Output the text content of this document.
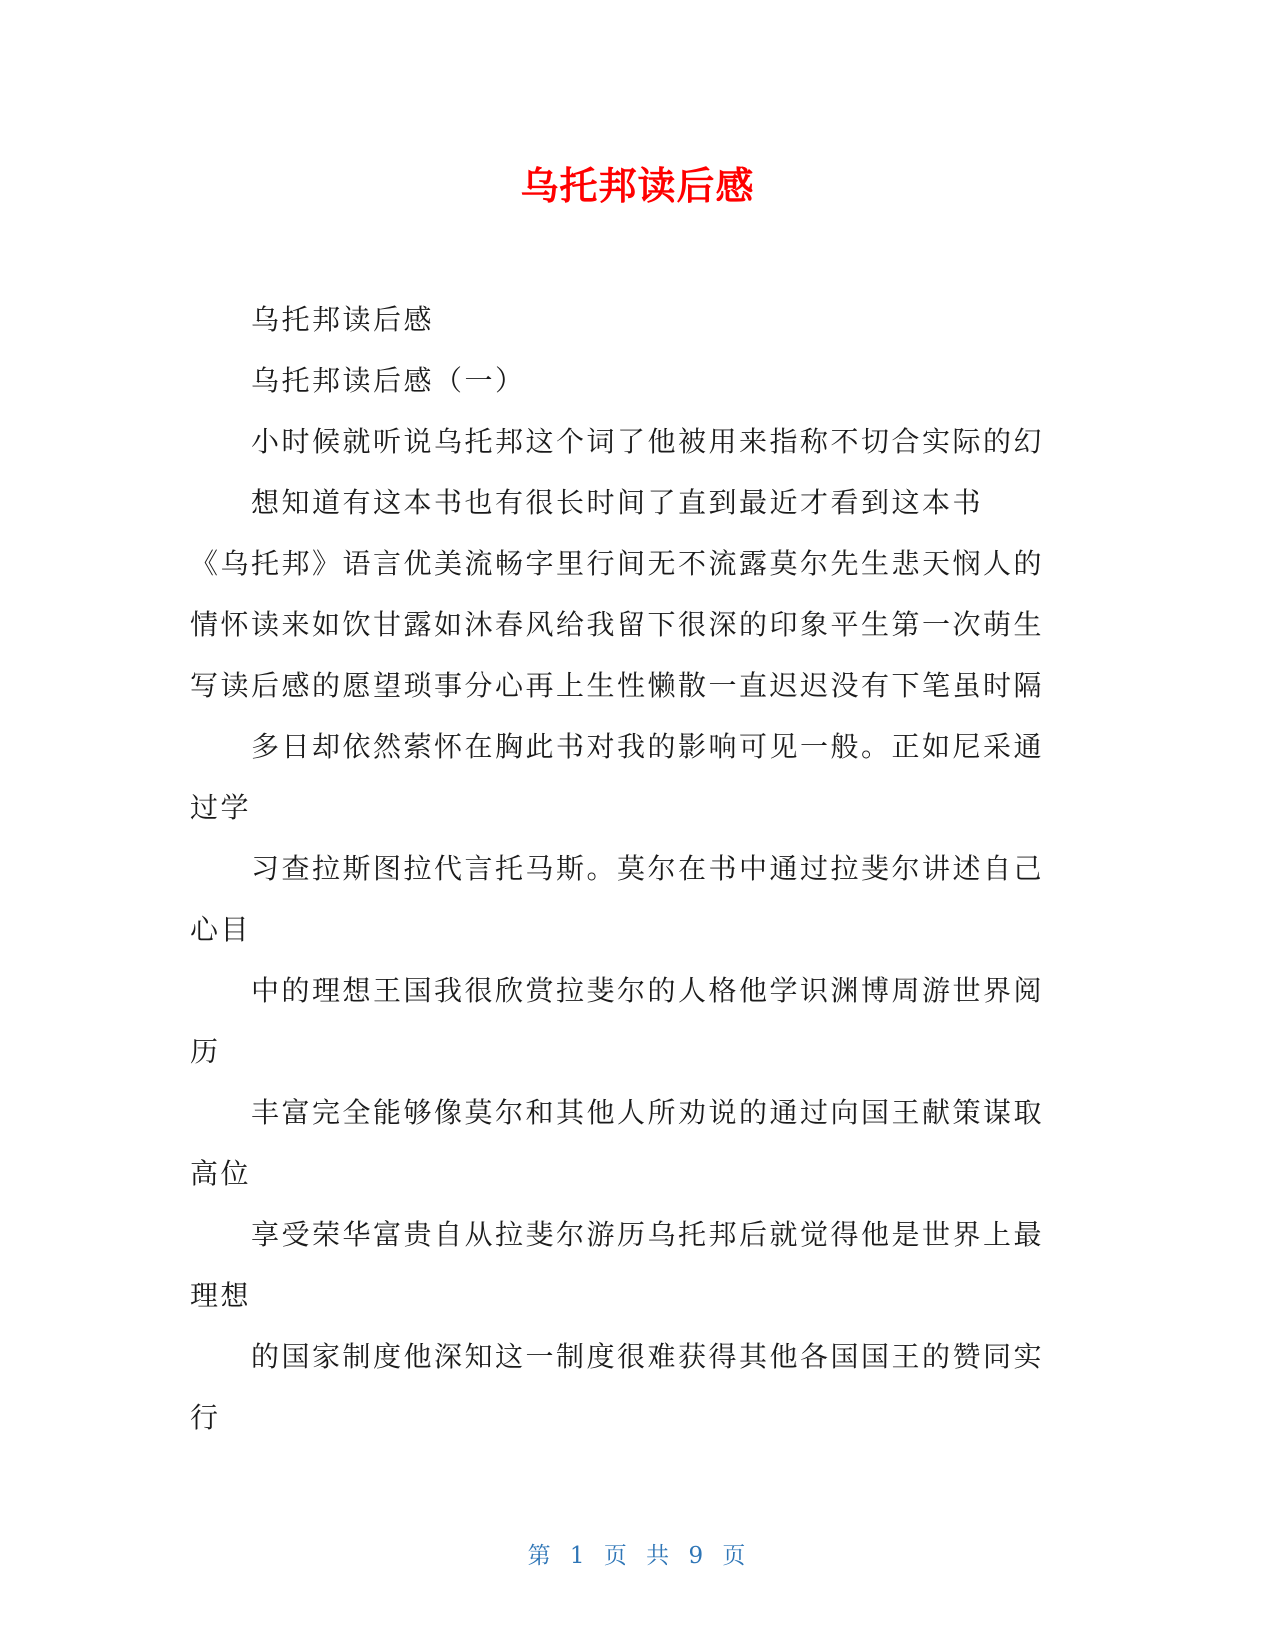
乌托邦读后感
乌托邦读后感
乌托邦读后感（一）
小时候就听说乌托邦这个词了他被用来指称不切合实际的幻
想知道有这本书也有很长时间了直到最近才看到这本书
《乌托邦》语言优美流畅字里行间无不流露莫尔先生悲天悯人的
情怀读来如饮甘露如沐春风给我留下很深的印象平生第一次萌生
写读后感的愿望琐事分心再上生性懒散一直迟迟没有下笔虽时隔
多日却依然萦怀在胸此书对我的影响可见一般。正如尼采通
过学
习查拉斯图拉代言托马斯。莫尔在书中通过拉斐尔讲述自己
心目
中的理想王国我很欣赏拉斐尔的人格他学识渊博周游世界阅
历
丰富完全能够像莫尔和其他人所劝说的通过向国王献策谋取
高位
享受荣华富贵自从拉斐尔游历乌托邦后就觉得他是世界上最
理想
的国家制度他深知这一制度很难获得其他各国国王的赞同实
行
第 1 页 共 9 页
